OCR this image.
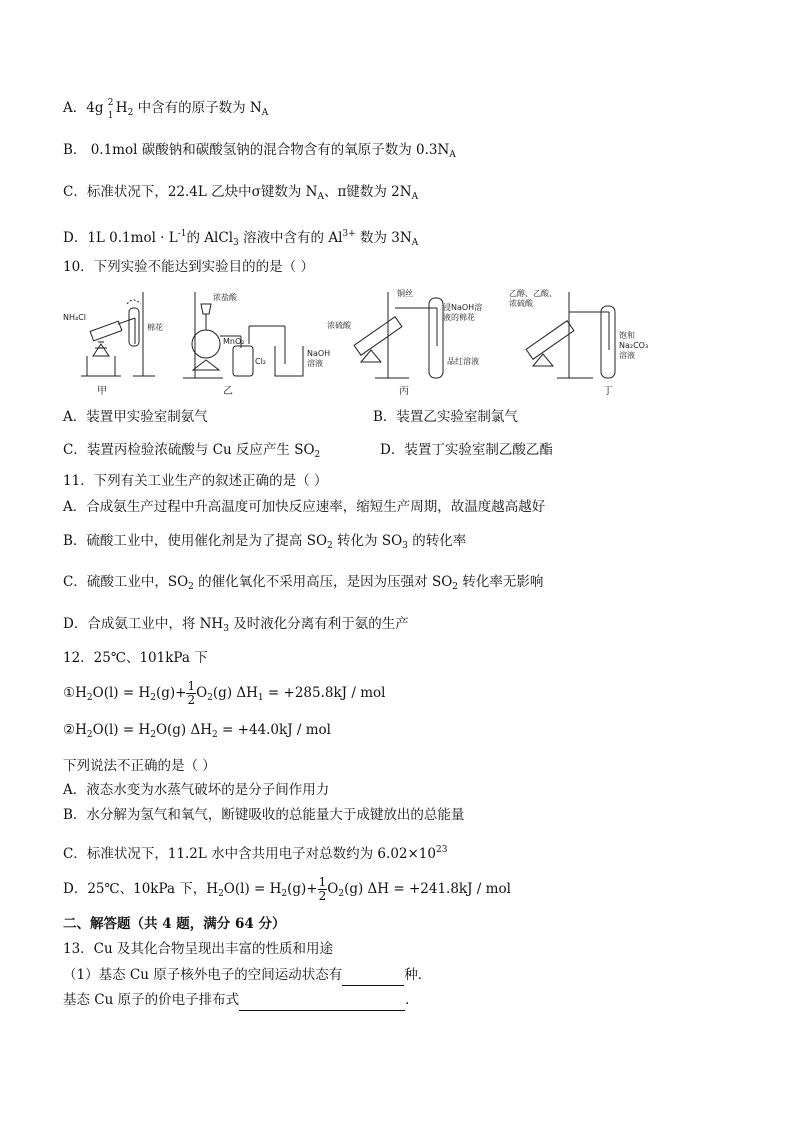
A．4g 2
1 $H_2$ 中含有的原子数为 $N_A$
B． 0.1mol 碳酸钠和碳酸氢钠的混合物含有的氧原子数为 $0.3N_A$
C．标准状况下，22.4L 乙炔中σ键数为 $N_A$、π键数为 $2N_A$
D．1L $0.1mol \cdot L^{-1}$的 AlCl$_3$ 溶液中含有的 $Al^{3+}$ 数为 $3N_A$
10．下列实验不能达到实验目的的是（ ）
NH₄Cl
棉花
浓盐酸
MnO₂
Cl₂
NaOH
溶液
铜丝
浸NaOH溶
液的棉花
浓硫酸
品红溶液
乙醇、乙酸、
浓硫酸
饱和
Na₂CO₃
溶液
甲	乙	丙	丁
A．装置甲实验室制氨气	B．装置乙实验室制氯气
C．装置丙检验浓硫酸与 Cu 反应产生 $SO_2$	D．装置丁实验室制乙酸乙酯
11．下列有关工业生产的叙述正确的是（ ）
A．合成氨生产过程中升高温度可加快反应速率，缩短生产周期，故温度越高越好
B．硫酸工业中，使用催化剂是为了提高 $SO_2$ 转化为 $SO_3$ 的转化率
C．硫酸工业中，$SO_2$ 的催化氧化不采用高压，是因为压强对 $SO_2$ 转化率无影响
D．合成氨工业中，将 $NH_3$ 及时液化分离有利于氨的生产
12．25℃、101kPa 下
$①H_2O(l) = H_2(g)+ \frac{1}{2} O_2(g) \Delta H_1 = +285.8kJ$ / mol
$②H_2O(l) = H_2O(g) \Delta H_2 = +44.0kJ$ / mol
下列说法不正确的是（ ）
A．液态水变为水蒸气破坏的是分子间作用力
B．水分解为氢气和氧气，断键吸收的总能量大于成键放出的总能量
C．标准状况下，11.2L 水中含共用电子对总数约为 $6.02\times 10^{23}$
D．25℃、10kPa 下，$H_2O(l) = H_2(g)+ \frac{1}{2} O_2(g) \Delta H = +241.8kJ$ / mol
二、解答题（共 4 题，满分 64 分）
13．Cu 及其化合物呈现出丰富的性质和用途
（1）基态 Cu 原子核外电子的空间运动状态有	种．
基态 Cu 原子的价电子排布式	．
